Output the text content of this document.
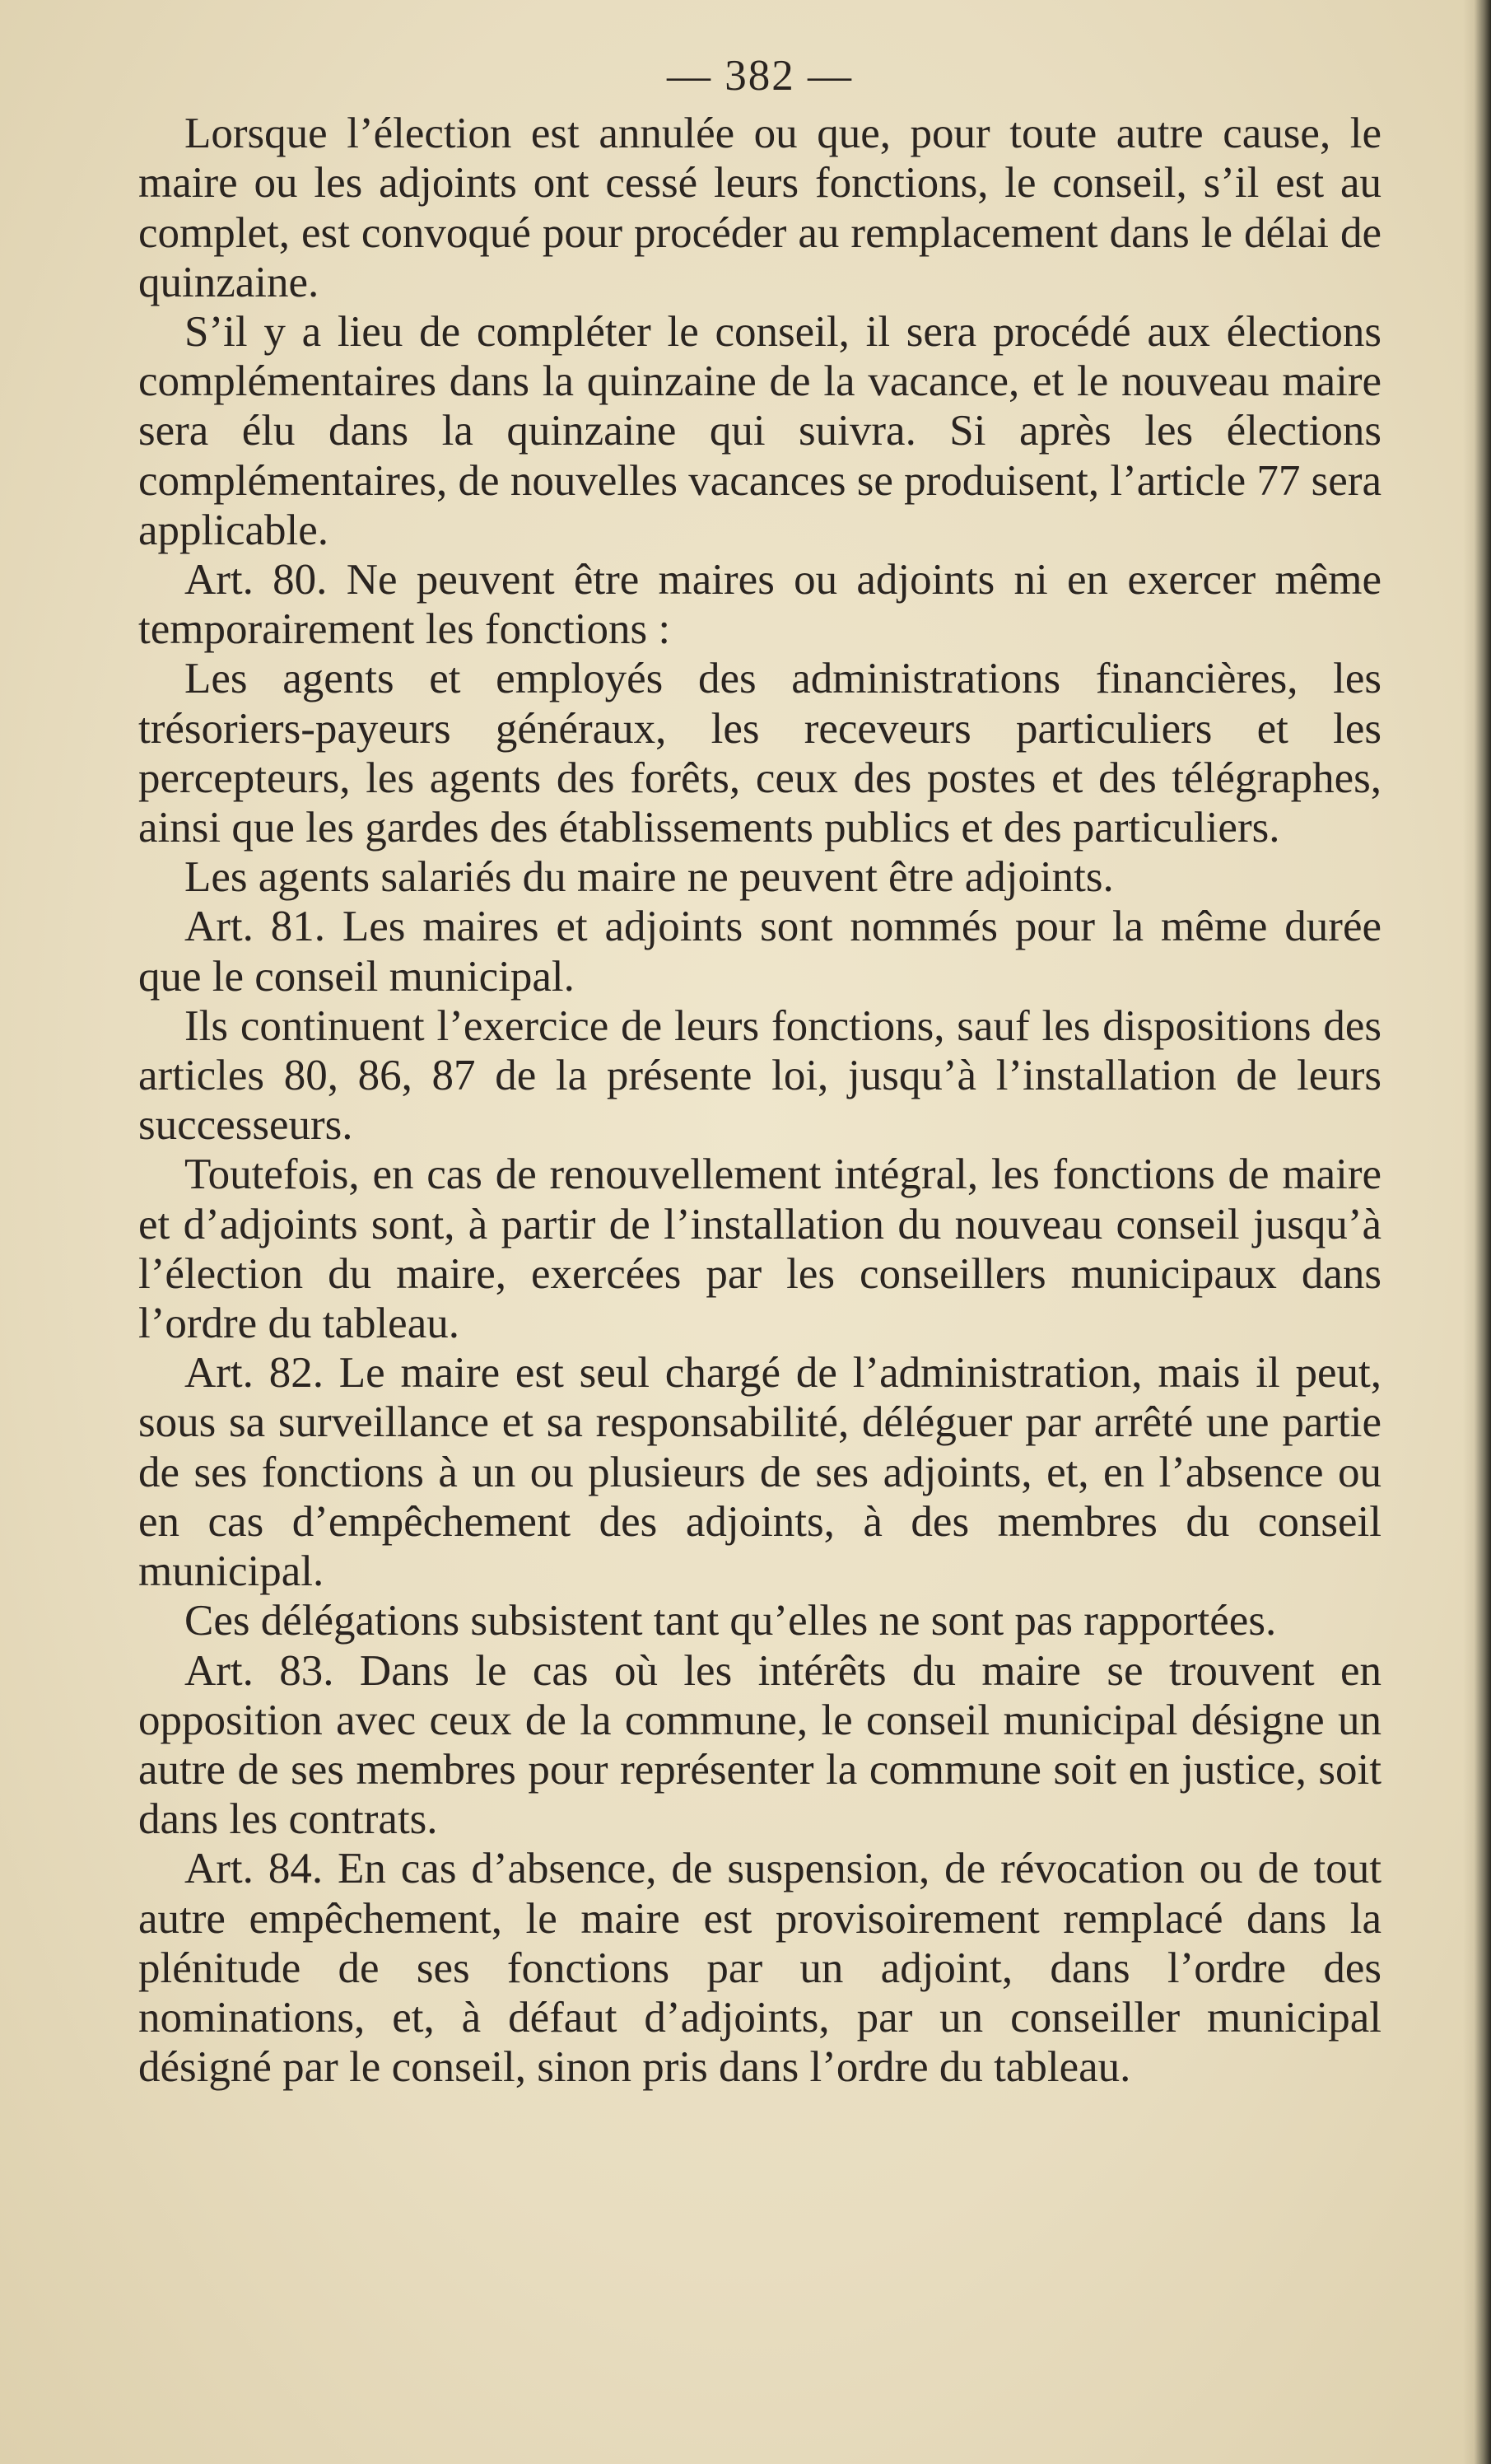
— 382 —

Lorsque l’élection est annulée ou que, pour toute autre cause, le maire ou les adjoints ont cessé leurs fonctions, le conseil, s’il est au complet, est convoqué pour procéder au remplacement dans le délai de quinzaine.

S’il y a lieu de compléter le conseil, il sera procédé aux élections complémentaires dans la quinzaine de la vacance, et le nouveau maire sera élu dans la quinzaine qui suivra. Si après les élections complémentaires, de nouvelles vacances se produisent, l’article 77 sera applicable.

Art. 80. Ne peuvent être maires ou adjoints ni en exercer même temporairement les fonctions :

Les agents et employés des administrations financières, les trésoriers-payeurs généraux, les receveurs particuliers et les percepteurs, les agents des forêts, ceux des postes et des télégraphes, ainsi que les gardes des établissements publics et des particuliers.

Les agents salariés du maire ne peuvent être adjoints.

Art. 81. Les maires et adjoints sont nommés pour la même durée que le conseil municipal.

Ils continuent l’exercice de leurs fonctions, sauf les dispositions des articles 80, 86, 87 de la présente loi, jusqu’à l’installation de leurs successeurs.

Toutefois, en cas de renouvellement intégral, les fonctions de maire et d’adjoints sont, à partir de l’installation du nouveau conseil jusqu’à l’élection du maire, exercées par les conseillers municipaux dans l’ordre du tableau.

Art. 82. Le maire est seul chargé de l’administration, mais il peut, sous sa surveillance et sa responsabilité, déléguer par arrêté une partie de ses fonctions à un ou plusieurs de ses adjoints, et, en l’absence ou en cas d’empêchement des adjoints, à des membres du conseil municipal.

Ces délégations subsistent tant qu’elles ne sont pas rapportées.

Art. 83. Dans le cas où les intérêts du maire se trouvent en opposition avec ceux de la commune, le conseil municipal désigne un autre de ses membres pour représenter la commune soit en justice, soit dans les contrats.

Art. 84. En cas d’absence, de suspension, de révocation ou de tout autre empêchement, le maire est provisoirement remplacé dans la plénitude de ses fonctions par un adjoint, dans l’ordre des nominations, et, à défaut d’adjoints, par un conseiller municipal désigné par le conseil, sinon pris dans l’ordre du tableau.
